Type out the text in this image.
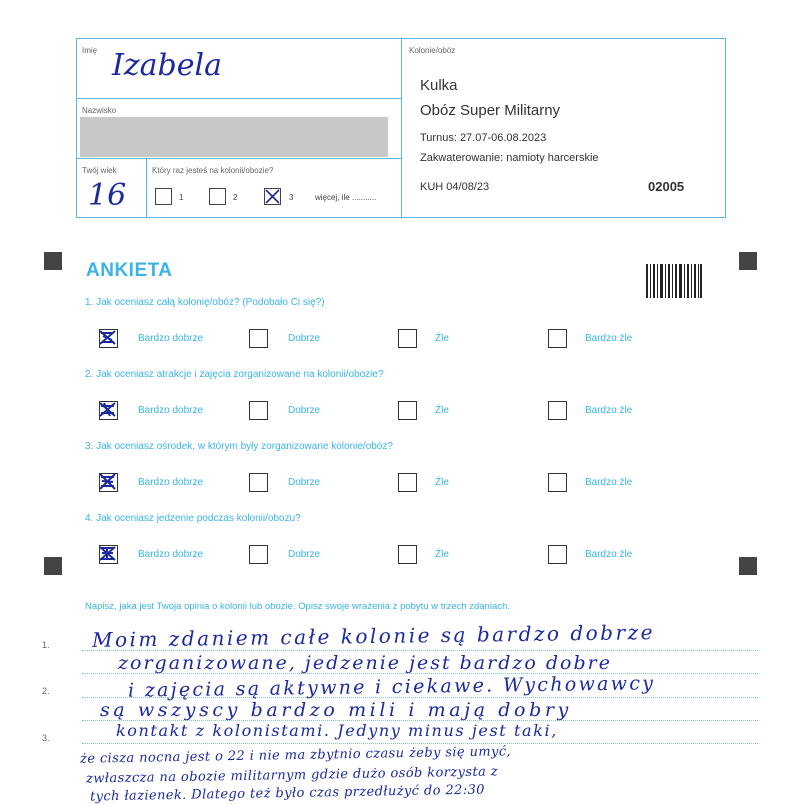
Imię Izabela
Nazwisko
Twój wiek
16
Który raz jesteś na kolonii/obozie?
1	2	3	więcej, ile ...........
Kolonie/obóz
Kulka
Obóz Super Militarny
Turnus: 27.07-06.08.2023
Zakwaterowanie: namioty harcerskie
KUH 04/08/23	02005
ANKIETA
1. Jak oceniasz całą kolonię/obóz? (Podobało Ci się?)
Bardzo dobrze	Dobrze	Źle	Bardzo źle
2. Jak oceniasz atrakcje i zajęcia zorganizowane na kolonii/obozie?
Bardzo dobrze	Dobrze	Źle	Bardzo źle
3. Jak oceniasz ośrodek, w którym były zorganizowane kolonie/obóz?
Bardzo dobrze	Dobrze	Źle	Bardzo źle
4. Jak oceniasz jedzenie podczas kolonii/obozu?
Bardzo dobrze	Dobrze	Źle	Bardzo źle
Napisz, jaka jest Twoja opinia o kolonii lub obozie. Opisz swoje wrażenia z pobytu w trzech zdaniach.
1.
2.
3.
Moim zdaniem całe kolonie są bardzo dobrze
zorganizowane, jedzenie jest bardzo dobre
i zajęcia są aktywne i ciekawe. Wychowawcy
są wszyscy bardzo mili i mają dobry
kontakt z kolonistami. Jedyny minus jest taki,
że cisza nocna jest o 22 i nie ma zbytnio czasu żeby się umyć,
zwłaszcza na obozie militarnym gdzie dużo osób korzysta z
tych łazienek. Dlatego też było czas przedłużyć do 22:30
